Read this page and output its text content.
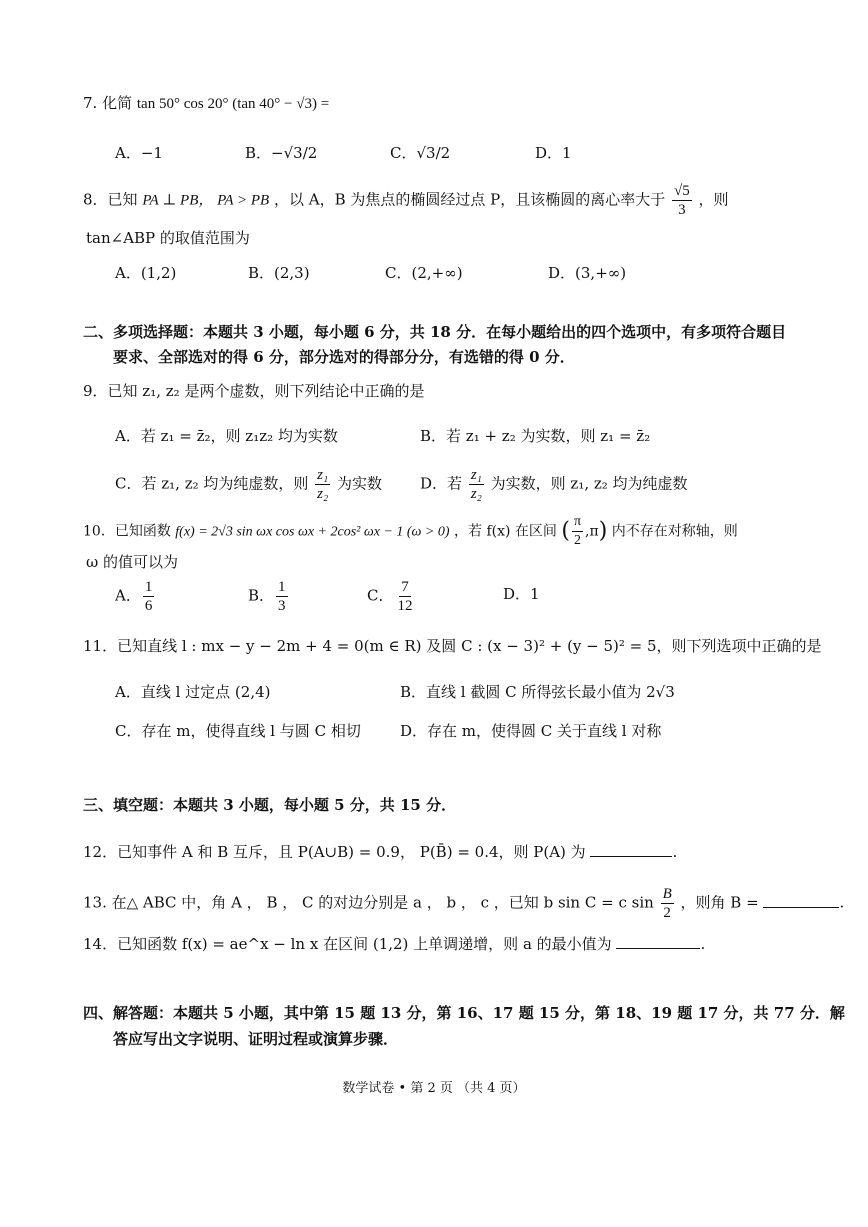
7. 化简 tan 50° cos 20° (tan 40° − √3) =
A．−1	B．−√3/2	C．√3/2	D．1
8．已知 PA ⊥ PB， PA > PB ，以 A，B 为焦点的椭圆经过点 P，且该椭圆的离心率大于 $\frac{√5}{3}$ ，则
tan∠ABP 的取值范围为
A．(1,2)	B．(2,3)	C．(2,+∞)	D．(3,+∞)
二、多项选择题：本题共 3 小题，每小题 6 分，共 18 分．在每小题给出的四个选项中，有多项符合题目
要求、全部选对的得 6 分，部分选对的得部分分，有选错的得 0 分．
9．已知 z₁, z₂ 是两个虚数，则下列结论中正确的是
A．若 z₁ = z̄₂，则 z₁z₂ 均为实数	B．若 z₁ + z₂ 为实数，则 z₁ = z̄₂
C．若 z₁, z₂ 均为纯虚数，则 $\frac{\text{z₁}}{\text{z₂}}$ 为实数	D．若 $\frac{\text{z₁}}{\text{z₂}}$ 为实数，则 z₁, z₂ 均为纯虚数
10．已知函数 f(x) = 2√3 sin ωx cos ωx + 2cos² ωx − 1 (ω > 0) ，若 f(x) 在区间 ( $\frac{\pi}{2} ,\pi$) 内不存在对称轴，则
ω 的值可以为
A． $\frac{1}{6}$	B． $\frac{1}{3}$	C． $\frac{7}{12}$	D．1
11．已知直线 l : mx − y − 2m + 4 = 0(m ∈ R) 及圆 C : (x − 3)² + (y − 5)² = 5，则下列选项中正确的是
A．直线 l 过定点 (2,4)	B．直线 l 截圆 C 所得弦长最小值为 2√3
C．存在 m，使得直线 l 与圆 C 相切	D．存在 m，使得圆 C 关于直线 l 对称
三、填空题：本题共 3 小题，每小题 5 分，共 15 分．
12．已知事件 A 和 B 互斥，且 P(A∪B) = 0.9， P(B̄) = 0.4，则 P(A) 为	.
13. 在△ ABC 中，角 A ， B ， C 的对边分别是 a ， b ， c ，已知 b sin C = c $\sin \frac{B}{2}$ ，则角 B =	.
14．已知函数 f(x) = ae^x − ln x 在区间 (1,2) 上单调递增，则 a 的最小值为	.
四、解答题：本题共 5 小题，其中第 15 题 13 分，第 16、17 题 15 分，第 18、19 题 17 分，共 77 分．解
答应写出文字说明、证明过程或演算步骤．
数学试卷 • 第 2 页 （共 4 页）
